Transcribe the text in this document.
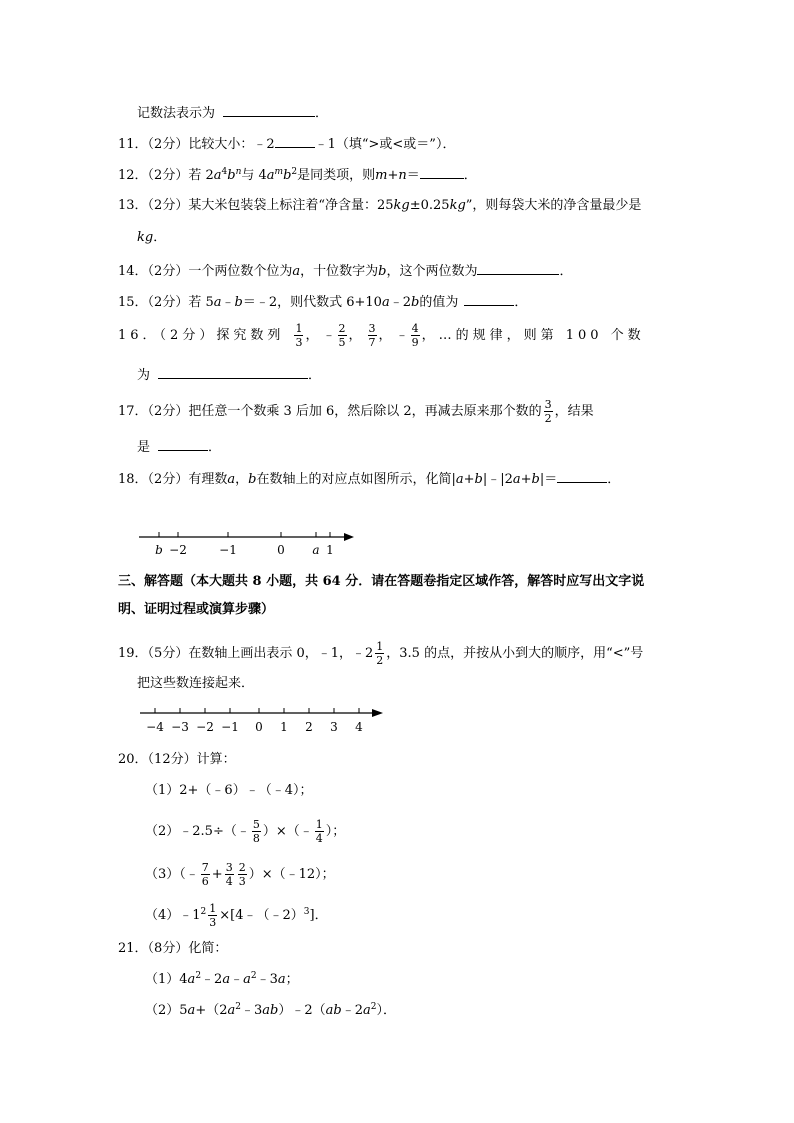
记数法表示为	．
11．（2分）比较大小：﹣2	﹣1（填“>或<或＝”）．
12．（2分）若 $2a^4b^n$与 $4a^mb^2$是同类项，则m+n＝	．
13．（2分）某大米包装袋上标注着“净含量：25kg±0.25kg”，则每袋大米的净含量最少是
kg．
14．（2分）一个两位数个位为a，十位数字为b，这个两位数为	．
15．（2分）若 5a﹣b＝﹣2，则代数式 6+10a﹣2b的值为	．
16．（2分）探究数列 $\frac{1}{3}$ ，﹣ $\frac{2}{5}$ ， $\frac{3}{7}$ ，﹣ $\frac{4}{9}$ ，…的规律，则第 100 个数
为	．
17．（2分）把任意一个数乘 3 后加 6，然后除以 2，再减去原来那个数的 $\frac{3}{2}$ ，结果
是	．
18．（2分）有理数a，b在数轴上的对应点如图所示，化简|a+b|﹣|2a+b|＝	．
b −2	−1	0 a 1
三、解答题（本大题共 8 小题，共 64 分．请在答题卷指定区域作答，解答时应写出文字说
明、证明过程或演算步骤）
19．（5分）在数轴上画出表示 0，﹣1，﹣2 $\frac{1}{2}$ ，3.5 的点，并按从小到大的顺序，用“<”号
把这些数连接起来．
−4 −3 −2 −1 0 1 2 3 4
20．（12分）计算：
（1）2+（﹣6）﹣（﹣4）；
（2）﹣2.5÷（﹣ $\frac{5}{8}$ ）×（﹣ $\frac{1}{4}$ ）；
（3）（﹣ $\frac{7}{6} + \frac{3}{4} \frac{2}{3}$ ）×（﹣12）；
$(4)﹣1^2 \frac{1}{3}$ ×[4﹣（﹣2）$^3$]．
21．（8分）化简：
$(1)4a^2﹣2a﹣a^2﹣3a$；
$(2)5a+(2a^2﹣3ab)﹣2(ab﹣2a^2)$．
